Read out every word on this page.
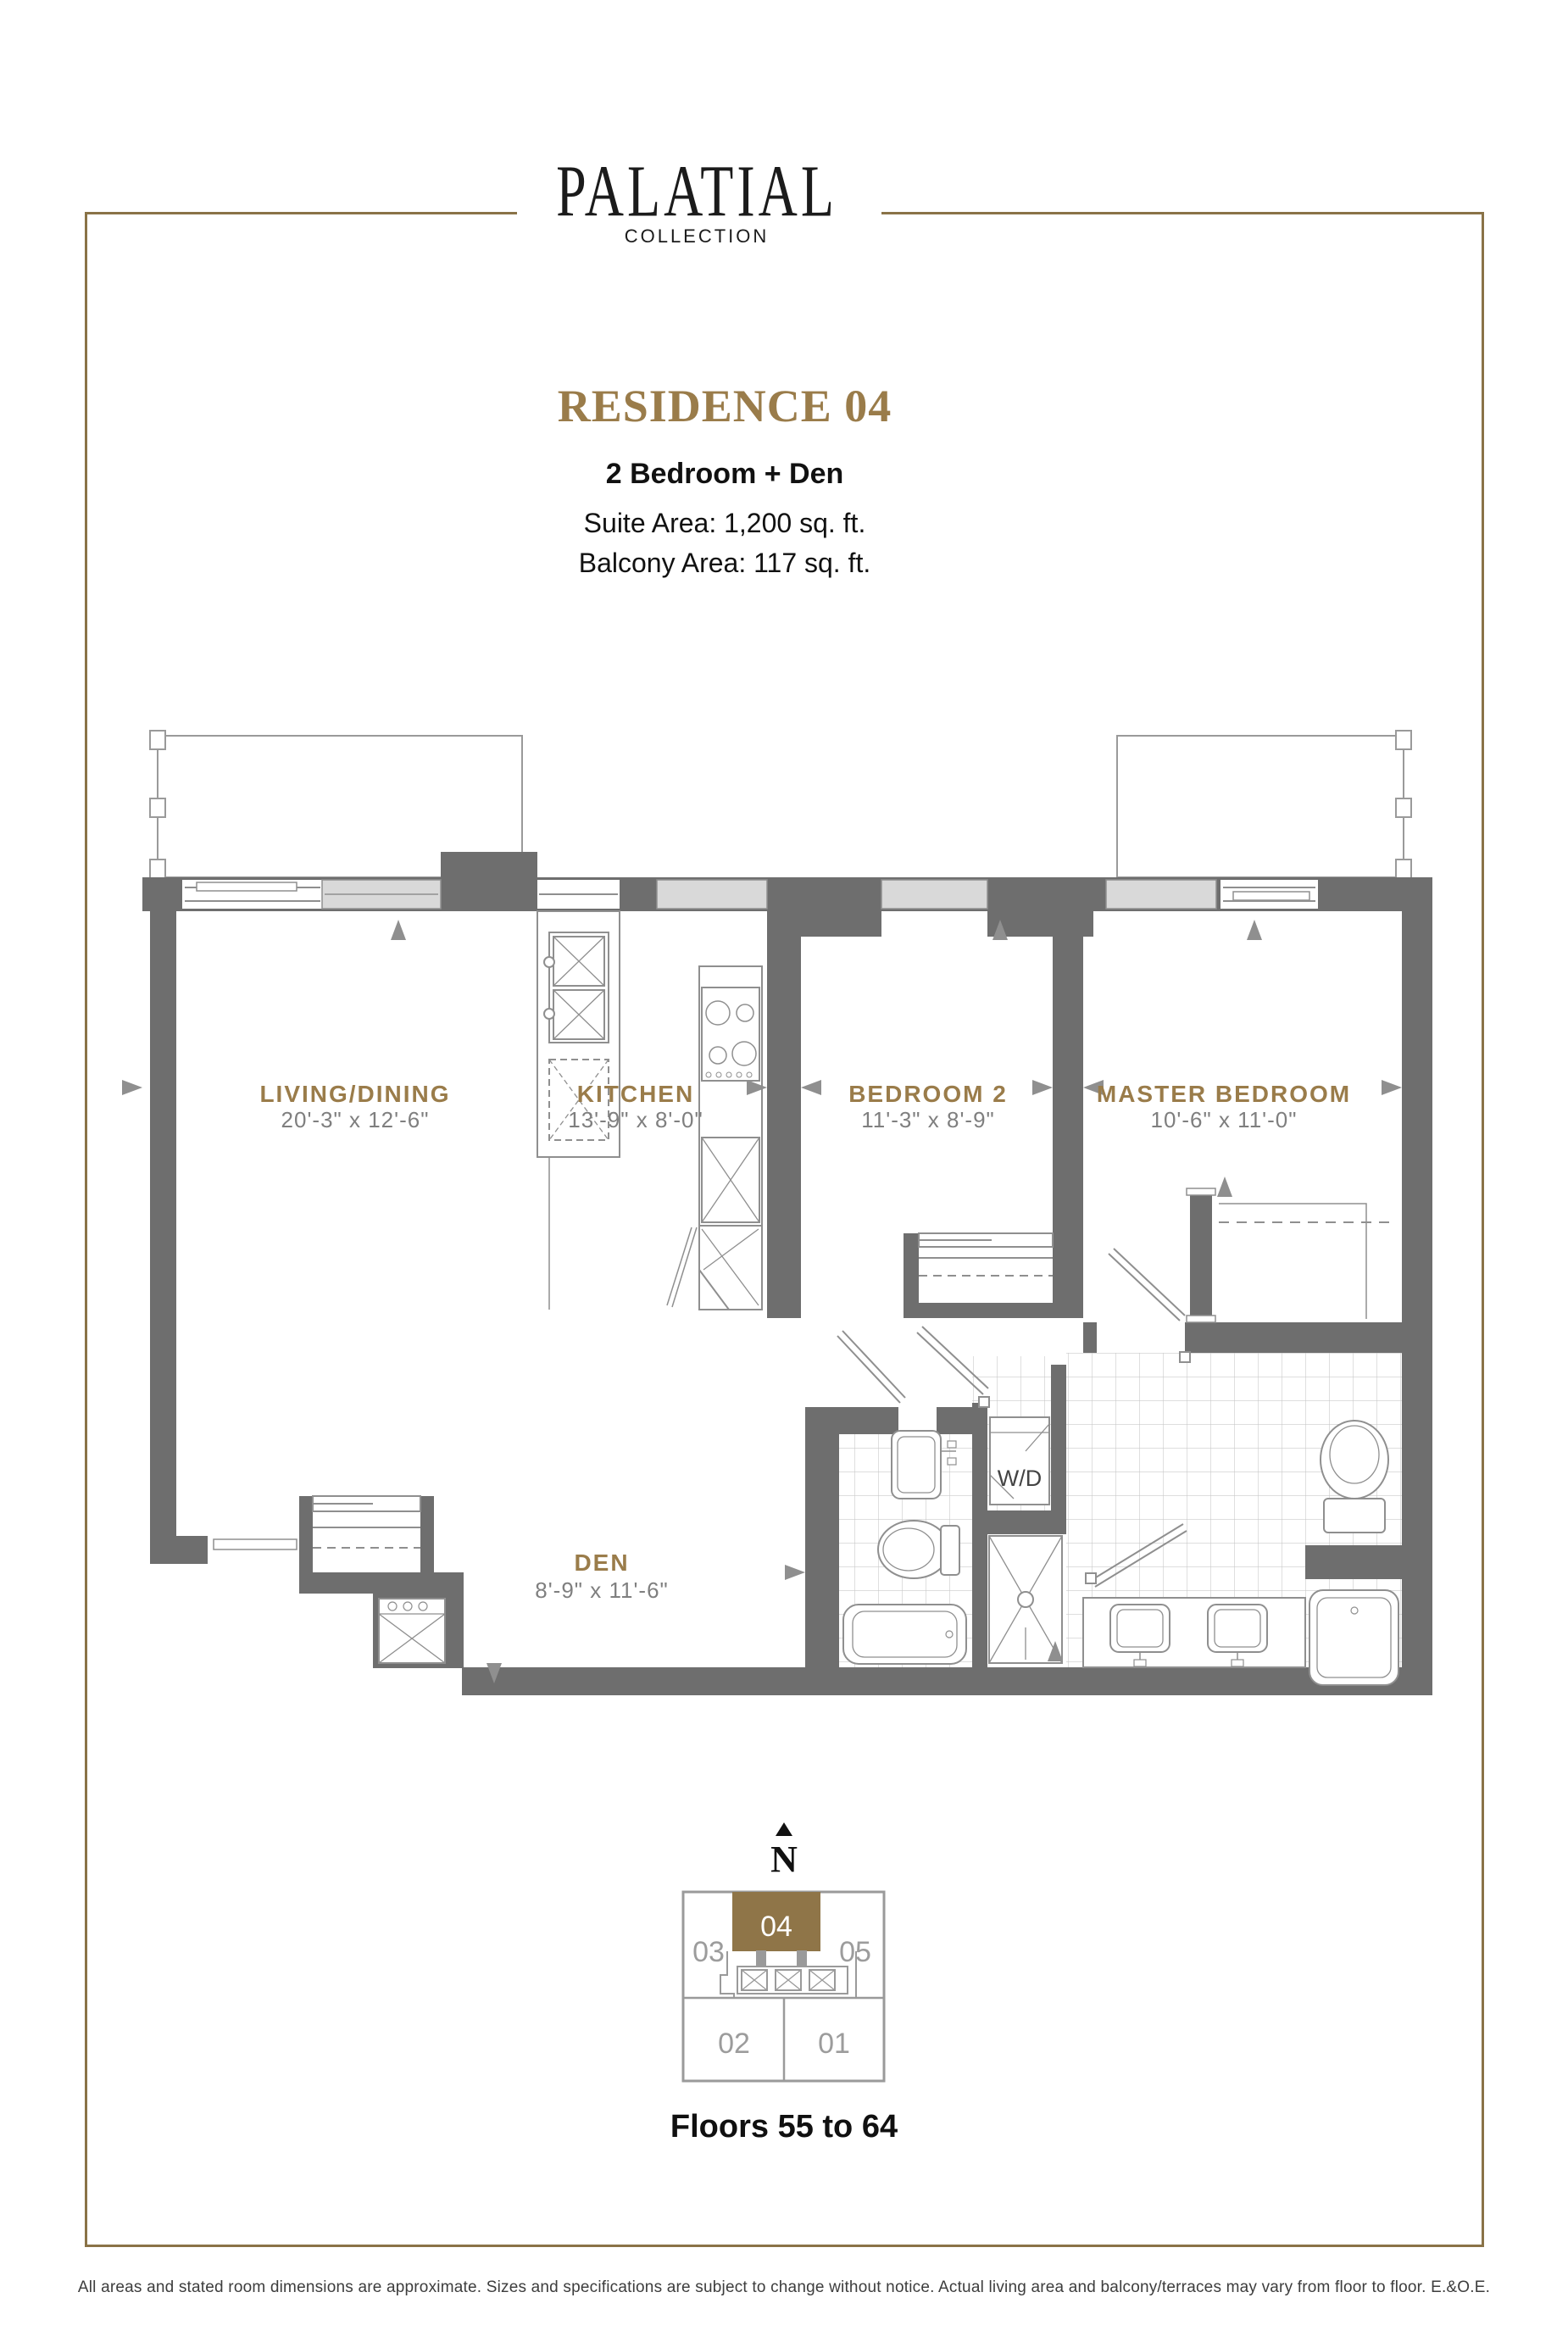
PALATIAL
COLLECTION
RESIDENCE 04
2 Bedroom + Den
Suite Area: 1,200 sq. ft.
Balcony Area: 117 sq. ft.
W/D
LIVING/DINING
20'-3" x 12'-6"
KITCHEN
13'-9" x 8'-0"
BEDROOM 2
11'-3" x 8'-9"
MASTER BEDROOM
10'-6" x 11'-0"
DEN
8'-9" x 11'-6"
N
03
04
05
02 01
Floors 55 to 64
All areas and stated room dimensions are approximate. Sizes and specifications are subject to change without notice. Actual living area and balcony/terraces may vary from floor to floor. E.&O.E.
